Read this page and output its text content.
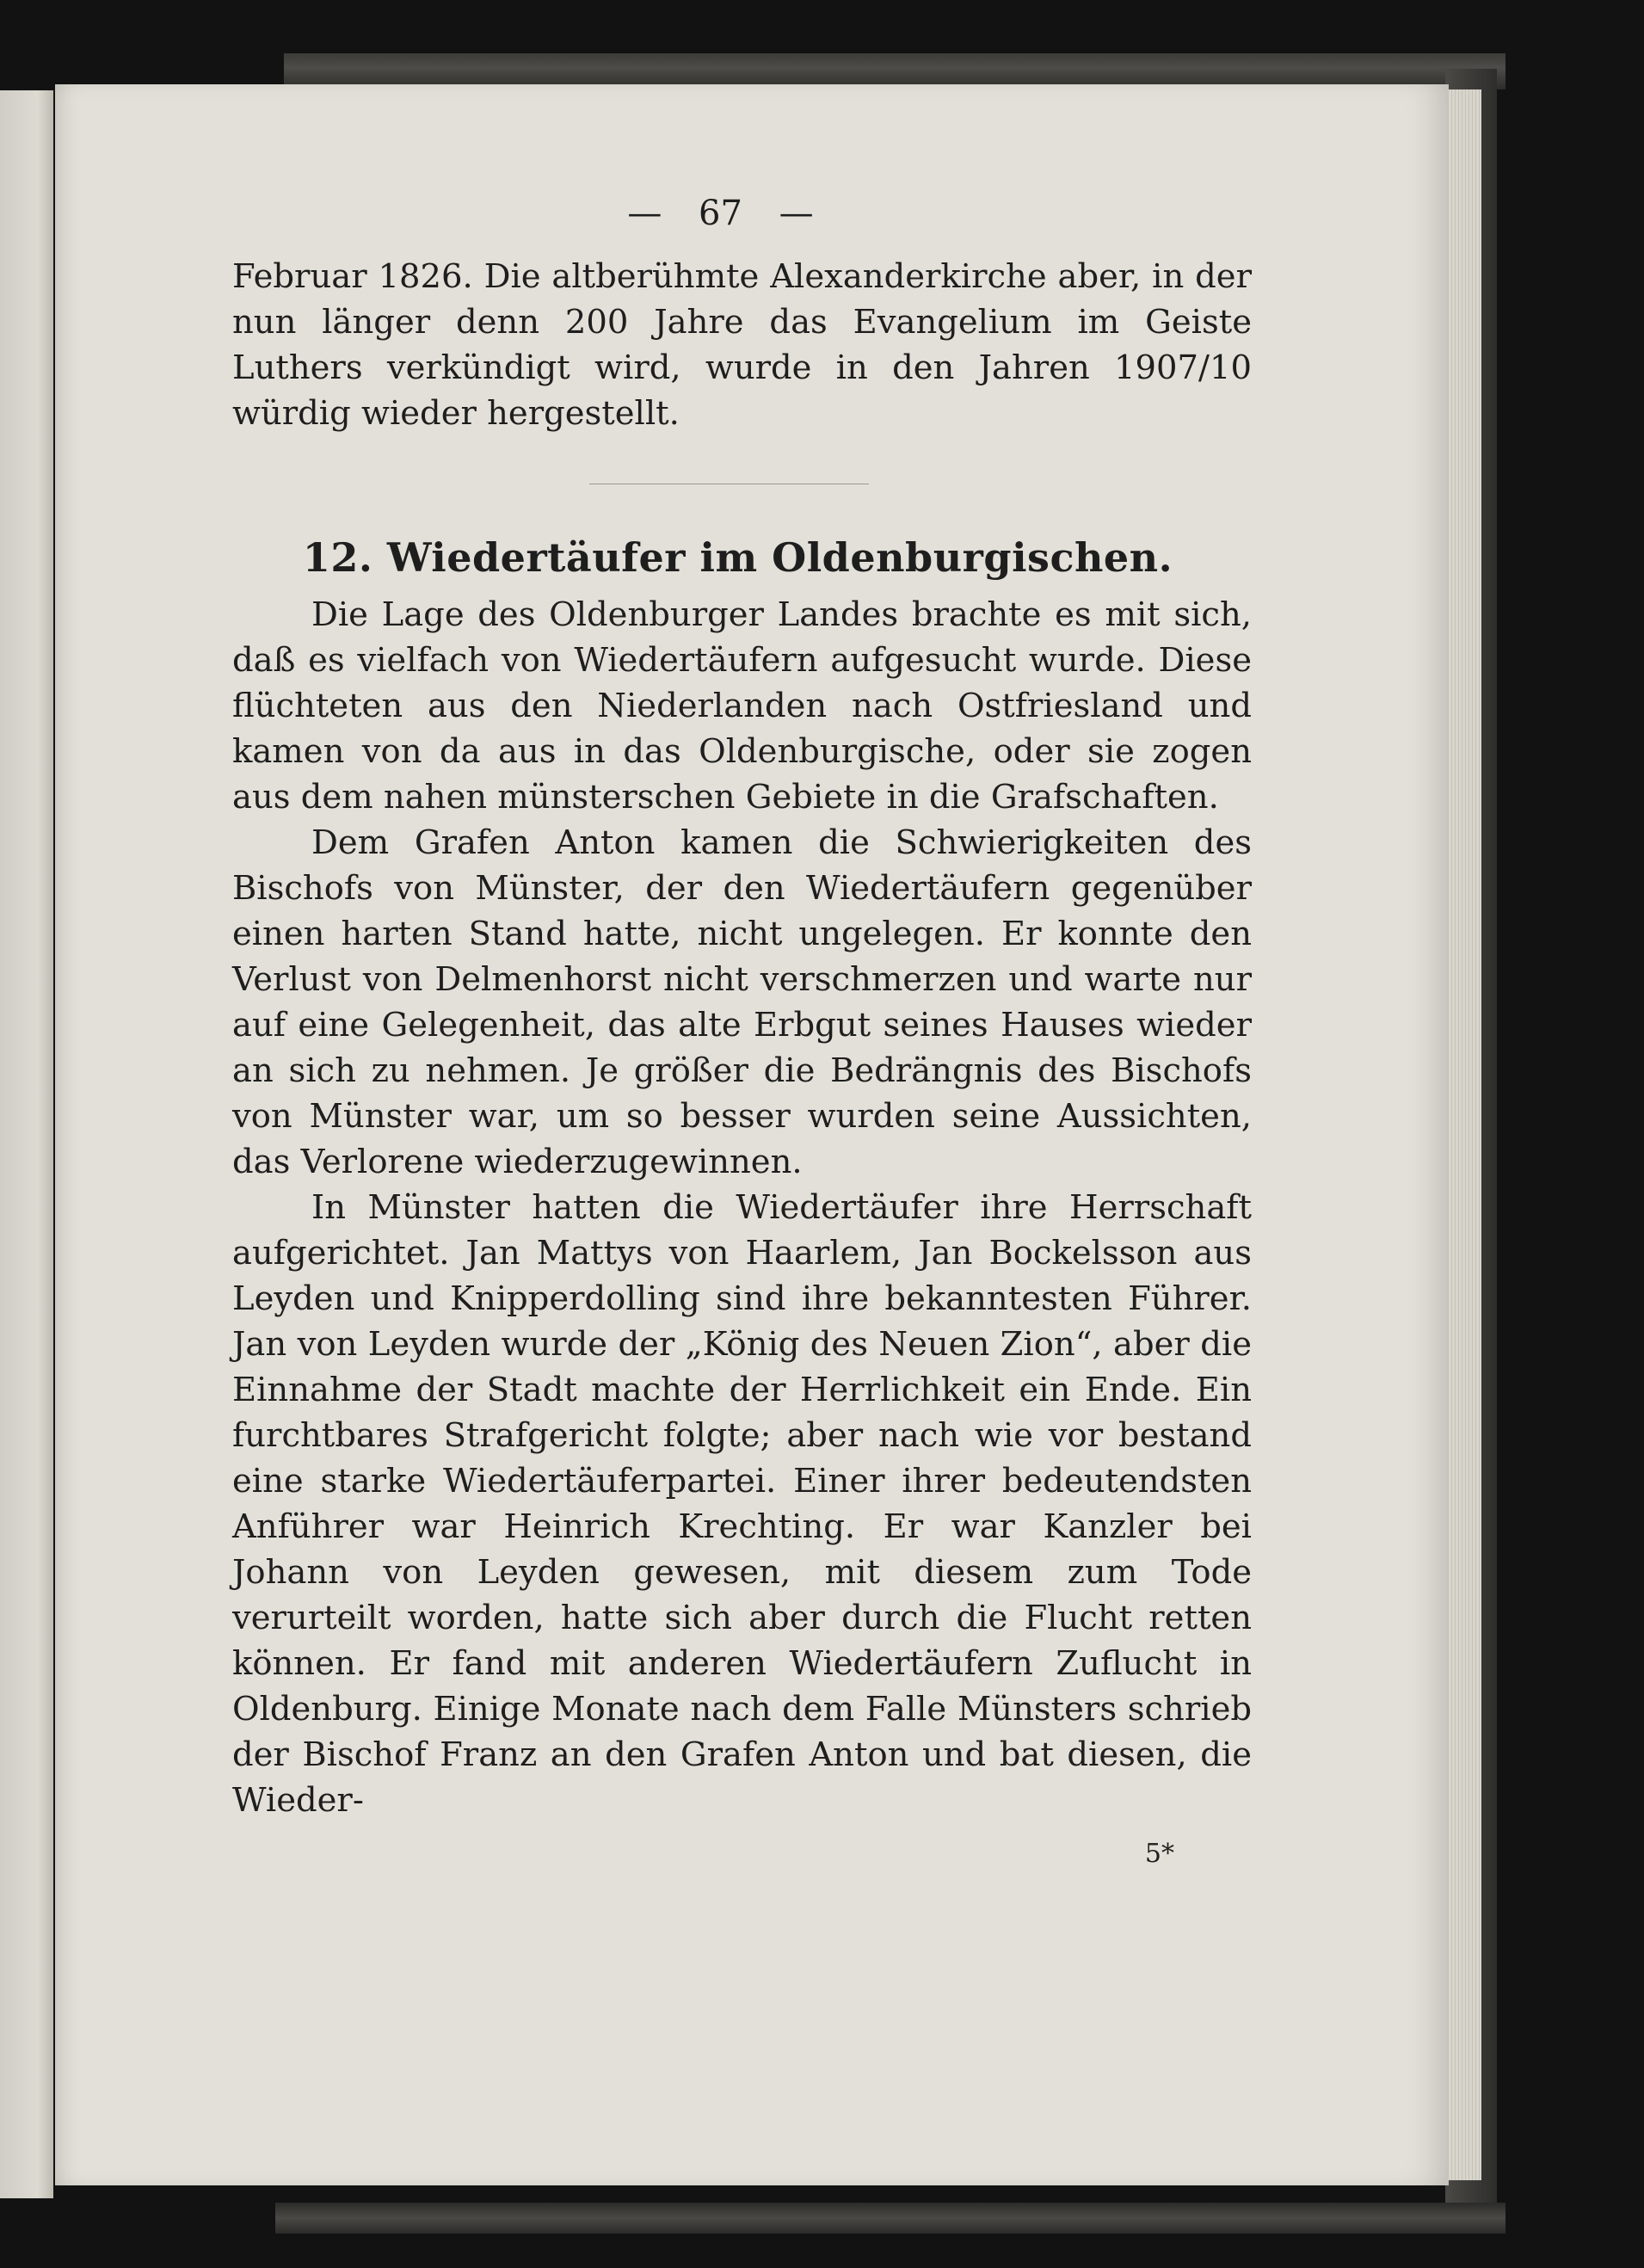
— 67 —

Februar 1826. Die altberühmte Alexanderkirche aber, in der nun länger denn 200 Jahre das Evangelium im Geiste Luthers verkündigt wird, wurde in den Jahren 1907/10 würdig wieder hergestellt.

12. Wiedertäufer im Oldenburgischen.

Die Lage des Oldenburger Landes brachte es mit sich, daß es vielfach von Wiedertäufern aufgesucht wurde. Diese flüchteten aus den Niederlanden nach Ostfriesland und kamen von da aus in das Oldenburgische, oder sie zogen aus dem nahen münsterschen Gebiete in die Grafschaften.

Dem Grafen Anton kamen die Schwierigkeiten des Bischofs von Münster, der den Wiedertäufern gegenüber einen harten Stand hatte, nicht ungelegen. Er konnte den Verlust von Delmenhorst nicht verschmerzen und warte nur auf eine Gelegenheit, das alte Erbgut seines Hauses wieder an sich zu nehmen. Je größer die Bedrängnis des Bischofs von Münster war, um so besser wurden seine Aussichten, das Verlorene wiederzugewinnen.

In Münster hatten die Wiedertäufer ihre Herrschaft aufgerichtet. Jan Mattys von Haarlem, Jan Bockelsson aus Leyden und Knipperdolling sind ihre bekanntesten Führer. Jan von Leyden wurde der „König des Neuen Zion“, aber die Einnahme der Stadt machte der Herrlichkeit ein Ende. Ein furchtbares Strafgericht folgte; aber nach wie vor bestand eine starke Wiedertäuferpartei. Einer ihrer bedeutendsten Anführer war Heinrich Krechting. Er war Kanzler bei Johann von Leyden gewesen, mit diesem zum Tode verurteilt worden, hatte sich aber durch die Flucht retten können. Er fand mit anderen Wiedertäufern Zuflucht in Oldenburg. Einige Monate nach dem Falle Münsters schrieb der Bischof Franz an den Grafen Anton und bat diesen, die Wieder-

5*
